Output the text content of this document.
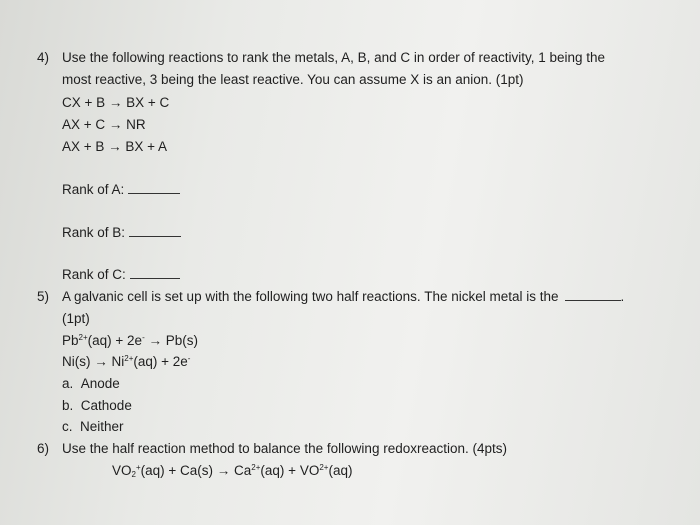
4) Use the following reactions to rank the metals, A, B, and C in order of reactivity, 1 being the
most reactive, 3 being the least reactive. You can assume X is an anion. (1pt)
CX + B → BX + C
AX + C → NR
AX + B → BX + A
Rank of A:
Rank of B:
Rank of C:
5) A galvanic cell is set up with the following two half reactions. The nickel metal is the	.
(1pt)
$Pb^{2+}(aq) + 2e^- \to Pb(s)$
$Ni(s) \to Ni^{2+}(aq) + 2e^-$
a. Anode
b. Cathode
c. Neither
6) Use the half reaction method to balance the following redoxreaction. (4pts)
$VO_2^+(aq) + Ca(s) \to Ca^{2+}(aq) + VO^{2+}(aq)$
